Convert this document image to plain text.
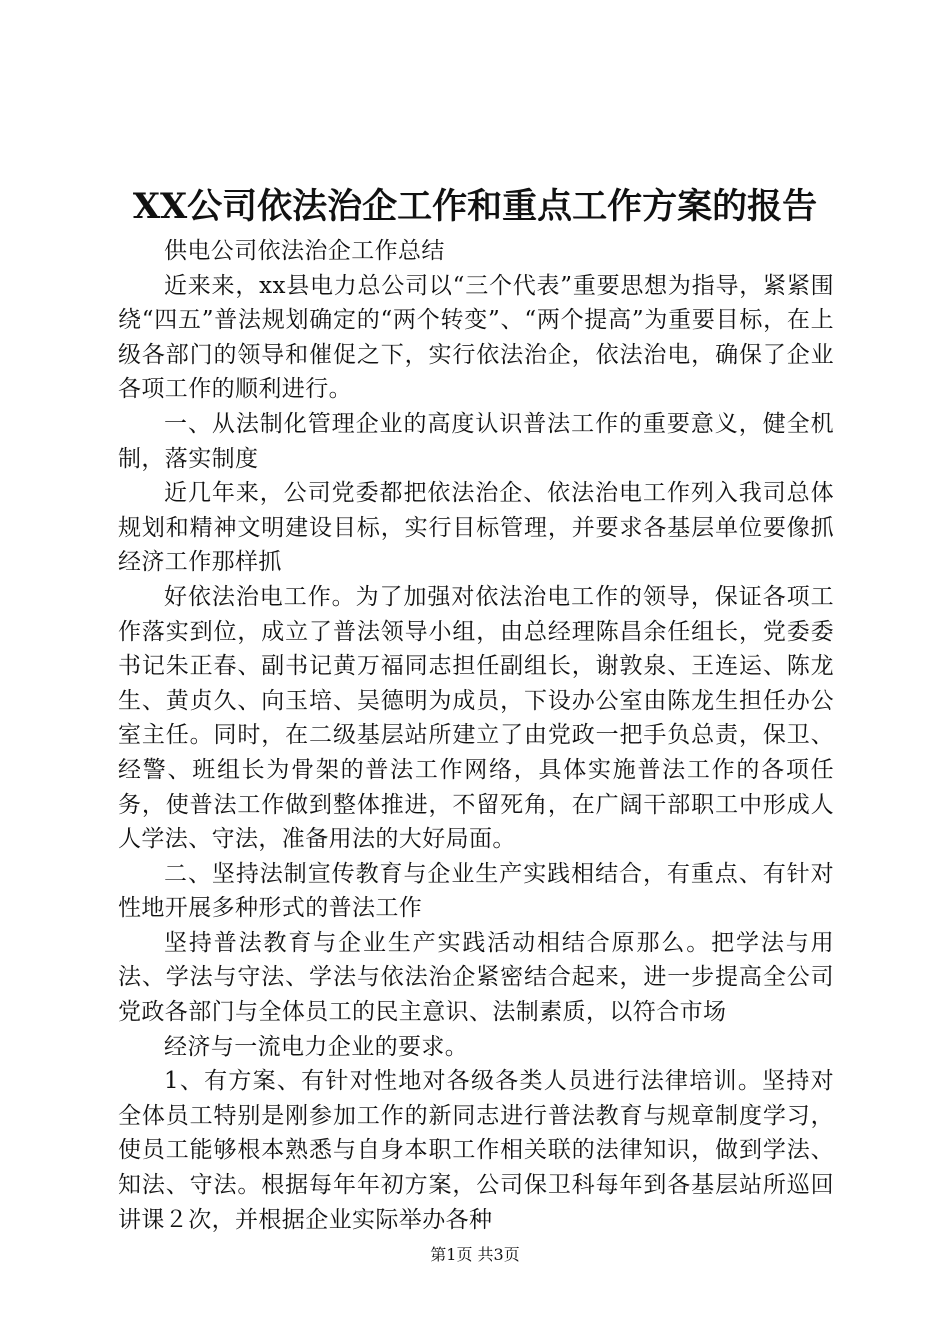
XX公司依法治企工作和重点工作方案的报告

供电公司依法治企工作总结

近来来，xx县电力总公司以“三个代表”重要思想为指导，紧紧围绕“四五”普法规划确定的“两个转变”、“两个提高”为重要目标，在上级各部门的领导和催促之下，实行依法治企，依法治电，确保了企业各项工作的顺利进行。

一、从法制化管理企业的高度认识普法工作的重要意义，健全机制，落实制度

近几年来，公司党委都把依法治企、依法治电工作列入我司总体规划和精神文明建设目标，实行目标管理，并要求各基层单位要像抓经济工作那样抓

好依法治电工作。为了加强对依法治电工作的领导，保证各项工作落实到位，成立了普法领导小组，由总经理陈昌余任组长，党委委书记朱正春、副书记黄万福同志担任副组长，谢敦泉、王连运、陈龙生、黄贞久、向玉培、吴德明为成员，下设办公室由陈龙生担任办公室主任。同时，在二级基层站所建立了由党政一把手负总责，保卫、经警、班组长为骨架的普法工作网络，具体实施普法工作的各项任务，使普法工作做到整体推进，不留死角，在广阔干部职工中形成人人学法、守法，准备用法的大好局面。

二、坚持法制宣传教育与企业生产实践相结合，有重点、有针对性地开展多种形式的普法工作

坚持普法教育与企业生产实践活动相结合原那么。把学法与用法、学法与守法、学法与依法治企紧密结合起来，进一步提高全公司党政各部门与全体员工的民主意识、法制素质，以符合市场

经济与一流电力企业的要求。

1、有方案、有针对性地对各级各类人员进行法律培训。坚持对全体员工特别是刚参加工作的新同志进行普法教育与规章制度学习，使员工能够根本熟悉与自身本职工作相关联的法律知识，做到学法、知法、守法。根据每年年初方案，公司保卫科每年到各基层站所巡回讲课２次，并根据企业实际举办各种

第1页 共3页
